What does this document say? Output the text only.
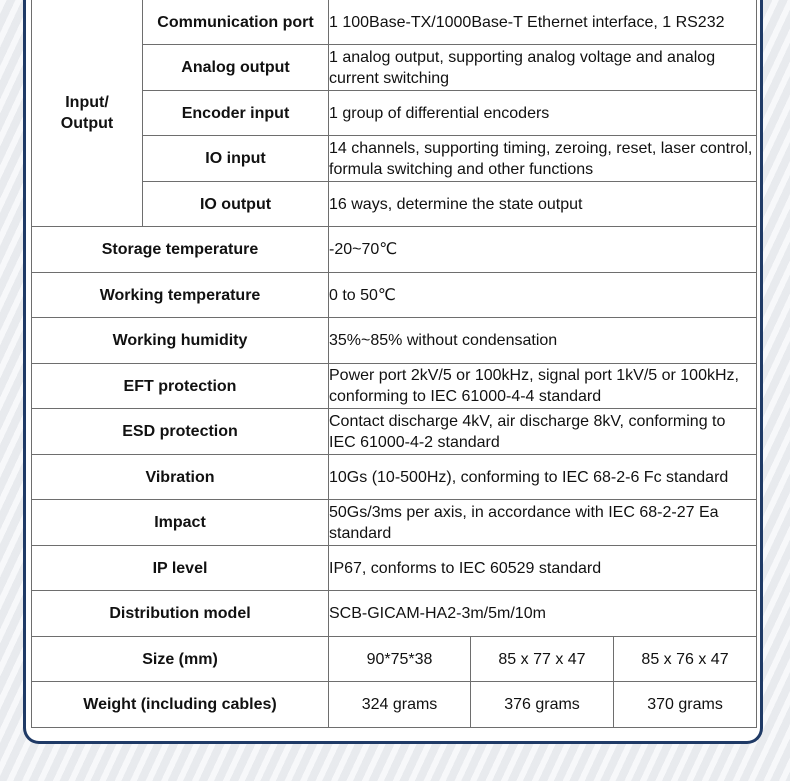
Input/
Output	Communication port	1 100Base-TX/1000Base-T Ethernet interface, 1 RS232		
	Analog output	1 analog output, supporting analog voltage and analog current switching		
	Encoder input	1 group of differential encoders		
	IO input	14 channels, supporting timing, zeroing, reset, laser control, formula switching and other functions		
	IO output	16 ways, determine the state output		
Storage temperature		-20~70℃		
Working temperature		0 to 50℃		
Working humidity		35%~85% without condensation		
EFT protection		Power port 2kV/5 or 100kHz, signal port 1kV/5 or 100kHz, conforming to IEC 61000-4-4 standard		
ESD protection		Contact discharge 4kV, air discharge 8kV, conforming to IEC 61000-4-2 standard		
Vibration		10Gs (10-500Hz), conforming to IEC 68-2-6 Fc standard		
Impact		50Gs/3ms per axis, in accordance with IEC 68-2-27 Ea standard		
IP level		IP67, conforms to IEC 60529 standard		
Distribution model		SCB-GICAM-HA2-3m/5m/10m		
Size (mm)		90*75*38	85 x 77 x 47	85 x 76 x 47
Weight (including cables)		324 grams	376 grams	370 grams
